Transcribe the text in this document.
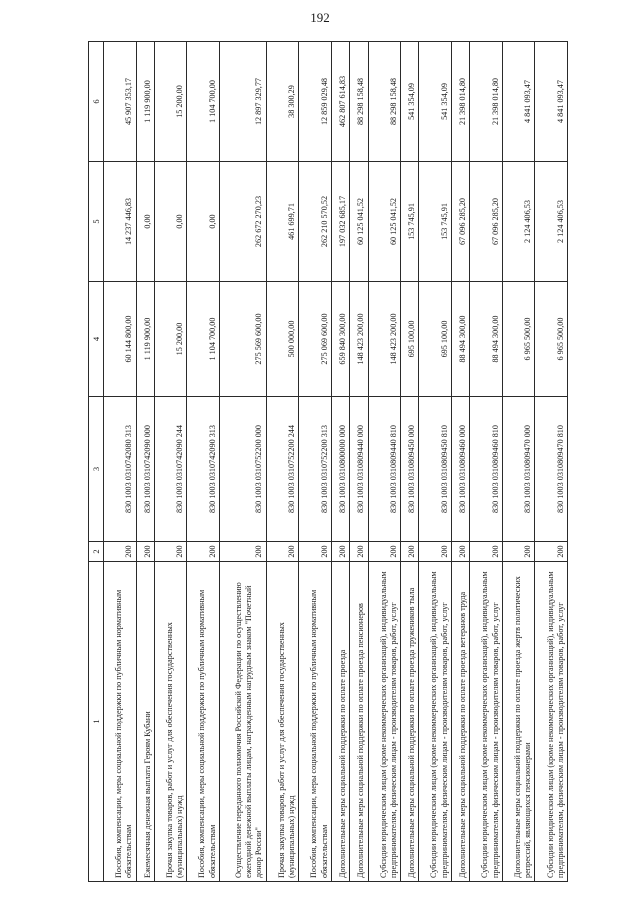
192
1	2	3	4	5	6
Пособия, компенсации, меры социальной поддержки по публичным нормативным обязательствам	200	830 1003 0310742080 313	60 144 800,00	14 237 446,83	45 907 353,17
Ежемесячная денежная выплата Героям Кубани	200	830 1003 0310742090 000	1 119 900,00	0,00	1 119 900,00
Прочая закупка товаров, работ и услуг для обеспечения государственных (муниципальных) нужд	200	830 1003 0310742090 244	15 200,00	0,00	15 200,00
Пособия, компенсации, меры социальной поддержки по публичным нормативным обязательствам	200	830 1003 0310742090 313	1 104 700,00	0,00	1 104 700,00
Осуществление переданного полномочия Российской Федерации по осуществлению ежегодной денежной выплаты лицам, награжденным нагрудным знаком "Почетный донор России"	200	830 1003 0310752200 000	275 569 600,00	262 672 270,23	12 897 329,77
Прочая закупка товаров, работ и услуг для обеспечения государственных (муниципальных) нужд	200	830 1003 0310752200 244	500 000,00	461 699,71	38 300,29
Пособия, компенсации, меры социальной поддержки по публичным нормативным обязательствам	200	830 1003 0310752200 313	275 069 600,00	262 210 570,52	12 859 029,48
Дополнительные меры социальной поддержки по оплате проезда	200	830 1003 0310800000 000	659 840 300,00	197 032 685,17	462 807 614,83
Дополнительные меры социальной поддержки по оплате проезда пенсионеров	200	830 1003 0310809440 000	148 423 200,00	60 125 041,52	88 298 158,48
Субсидии юридическим лицам (кроме некоммерческих организаций), индивидуальным предпринимателям, физическим лицам - производителям товаров, работ, услуг	200	830 1003 0310809440 810	148 423 200,00	60 125 041,52	88 298 158,48
Дополнительные меры социальной поддержки по оплате проезда тружеников тыла	200	830 1003 0310809450 000	695 100,00	153 745,91	541 354,09
Субсидии юридическим лицам (кроме некоммерческих организаций), индивидуальным предпринимателям, физическим лицам - производителям товаров, работ, услуг	200	830 1003 0310809450 810	695 100,00	153 745,91	541 354,09
Дополнительные меры социальной поддержки по оплате проезда ветеранов труда	200	830 1003 0310809460 000	88 494 300,00	67 096 285,20	21 398 014,80
Субсидии юридическим лицам (кроме некоммерческих организаций), индивидуальным предпринимателям, физическим лицам - производителям товаров, работ, услуг	200	830 1003 0310809460 810	88 494 300,00	67 096 285,20	21 398 014,80
Дополнительные меры социальной поддержки по оплате проезда жертв политических репрессий, являющихся пенсионерами	200	830 1003 0310809470 000	6 965 500,00	2 124 406,53	4 841 093,47
Субсидии юридическим лицам (кроме некоммерческих организаций), индивидуальным предпринимателям, физическим лицам - производителям товаров, работ, услуг	200	830 1003 0310809470 810	6 965 500,00	2 124 406,53	4 841 093,47
